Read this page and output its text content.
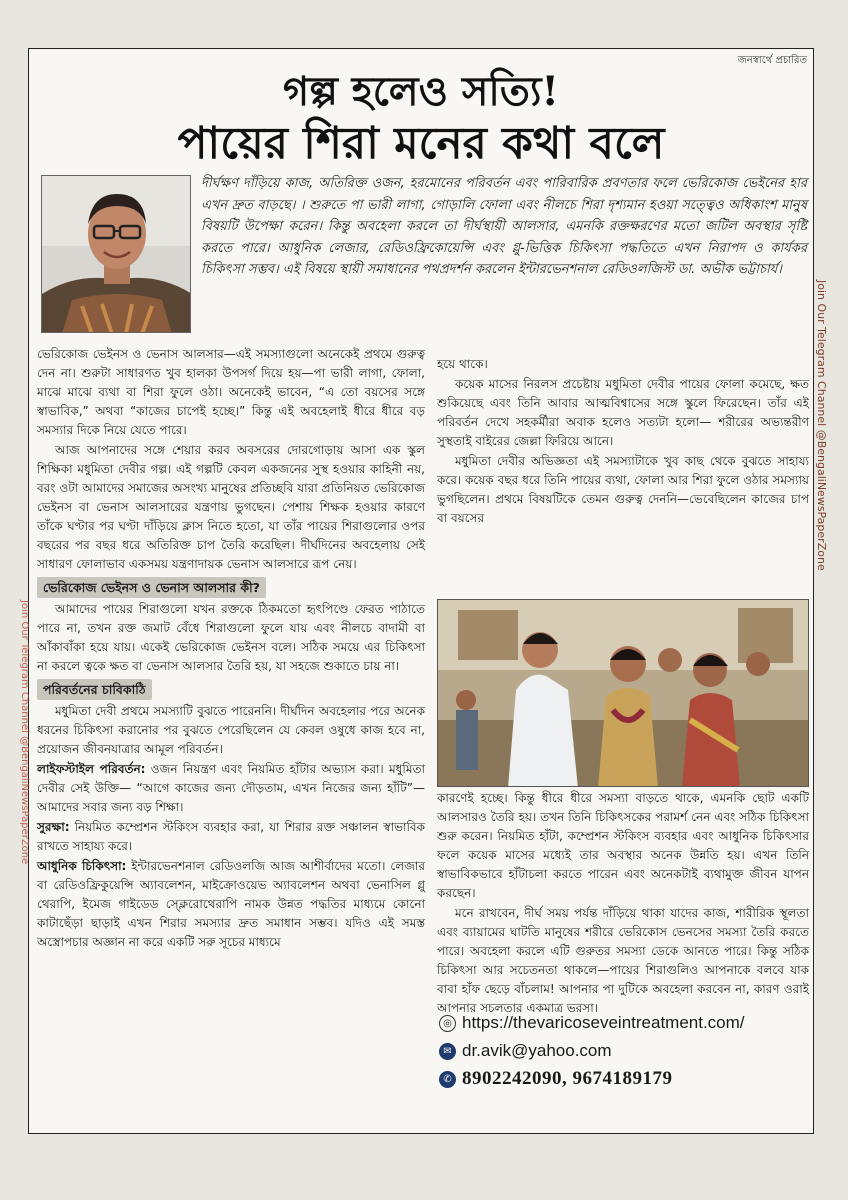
জনস্বার্থে প্রচারিত
গল্প হলেও সত্যি!
পায়ের শিরা মনের কথা বলে
দীর্ঘক্ষণ দাঁড়িয়ে কাজ, অতিরিক্ত ওজন, হরমোনের পরিবর্তন এবং পারিবারিক প্রবণতার ফলে ভেরিকোজ ভেইনের হার এখন দ্রুত বাড়ছে। । শুরুতে পা ভারী লাগা, গোড়ালি ফোলা এবং নীলচে শিরা দৃশ্যমান হওয়া সত্ত্বেও অধিকাংশ মানুষ বিষয়টি উপেক্ষা করেন। কিন্তু অবহেলা করলে তা দীর্ঘস্থায়ী আলসার, এমনকি রক্তক্ষরণের মতো জটিল অবস্থার সৃষ্টি করতে পারে। আধুনিক লেজার, রেডিওফ্রিকোয়েন্সি এবং গ্লু-ভিত্তিক চিকিৎসা পদ্ধতিতে এখন নিরাপদ ও কার্যকর চিকিৎসা সম্ভব। এই বিষয়ে স্থায়ী সমাধানের পথপ্রদর্শন করলেন ইন্টারভেনশনাল রেডিওলজিস্ট ডা. অভীক ভট্টাচার্য।

ভেরিকোজ ভেইনস ও ভেনাস আলসার—এই সমস্যাগুলো অনেকেই প্রথমে গুরুত্ব দেন না। শুরুটা সাধারণত খুব হালকা উপসর্গ দিয়ে হয়—পা ভারী লাগা, ফোলা, মাঝে মাঝে ব্যথা বা শিরা ফুলে ওঠা। অনেকেই ভাবেন, “এ তো বয়সের সঙ্গে স্বাভাবিক,” অথবা “কাজের চাপেই হচ্ছে।” কিন্তু এই অবহেলাই ধীরে ধীরে বড় সমস্যার দিকে নিয়ে যেতে পারে।

আজ আপনাদের সঙ্গে শেয়ার করব অবসরের দোরগোড়ায় আসা এক স্কুল শিক্ষিকা মধুমিতা দেবীর গল্প। এই গল্পটি কেবল একজনের সুস্থ হওয়ার কাহিনী নয়, বরং ওটা আমাদের সমাজের অসংখ্য মানুষের প্রতিচ্ছবি যারা প্রতিনিয়ত ভেরিকোজ ভেইনস বা ভেনাস আলসারের যন্ত্রণায় ভুগছেন। পেশায় শিক্ষক হওয়ার কারণে তাঁকে ঘণ্টার পর ঘণ্টা দাঁড়িয়ে ক্লাস নিতে হতো, যা তাঁর পায়ের শিরাগুলোর ওপর বছরের পর বছর ধরে অতিরিক্ত চাপ তৈরি করেছিল। দীর্ঘদিনের অবহেলায় সেই সাধারণ ফোলাভাব একসময় যন্ত্রণাদায়ক ভেনাস আলসারে রূপ নেয়।

ভেরিকোজ ভেইনস ও ভেনাস আলসার কী?

আমাদের পায়ের শিরাগুলো যখন রক্তকে ঠিকমতো হৃৎপিণ্ডে ফেরত পাঠাতে পারে না, তখন রক্ত জমাট বেঁধে শিরাগুলো ফুলে যায় এবং নীলচে বাদামী বা আঁকাবাঁকা হয়ে যায়। একেই ভেরিকোজ ভেইনস বলে। সঠিক সময়ে এর চিকিৎসা না করলে ত্বকে ক্ষত বা ভেনাস আলসার তৈরি হয়, যা সহজে শুকাতে চায় না।

পরিবর্তনের চাবিকাঠি

মধুমিতা দেবী প্রথমে সমস্যাটি বুঝতে পারেননি। দীর্ঘদিন অবহেলার পরে অনেক ধরনের চিকিৎসা করানোর পর বুঝতে পেরেছিলেন যে কেবল ওষুধে কাজ হবে না, প্রয়োজন জীবনযাত্রার আমূল পরিবর্তন।

লাইফস্টাইল পরিবর্তন: ওজন নিয়ন্ত্রণ এবং নিয়মিত হাঁটার অভ্যাস করা। মধুমিতা দেবীর সেই উক্তি— “আগে কাজের জন্য দৌড়তাম, এখন নিজের জন্য হাঁটি”—আমাদের সবার জন্য বড় শিক্ষা।

সুরক্ষা: নিয়মিত কম্প্রেশন স্টকিংস ব্যবহার করা, যা শিরার রক্ত সঞ্চালন স্বাভাবিক রাখতে সাহায্য করে।

আধুনিক চিকিৎসা: ইন্টারভেনশনাল রেডিওলজি আজ আশীর্বাদের মতো। লেজার বা রেডিওফ্রিকুয়েন্সি অ্যাবলেশন, মাইক্রোওয়েভ অ্যাবলেশন অথবা ভেনাসিল গ্লু থেরাপি, ইমেজ গাইডেড স্ক্লেরোথেরাপি নামক উন্নত পদ্ধতির মাধ্যমে কোনো কাটাছেঁড়া ছাড়াই এখন শিরার সমস্যার দ্রুত সমাধান সম্ভব। যদিও এই সমস্ত অস্ত্রোপচার অজ্ঞান না করে একটি সরু সূচের মাধ্যমে

হয়ে থাকে।

কয়েক মাসের নিরলস প্রচেষ্টায় মধুমিতা দেবীর পায়ের ফোলা কমেছে, ক্ষত শুকিয়েছে এবং তিনি আবার আত্মবিশ্বাসের সঙ্গে স্কুলে ফিরেছেন। তাঁর এই পরিবর্তন দেখে সহকর্মীরা অবাক হলেও সত্যটা হলো— শরীরের অভ্যন্তরীণ সুস্থতাই বাইরের জেল্লা ফিরিয়ে আনে।

মধুমিতা দেবীর অভিজ্ঞতা এই সমস্যাটাকে খুব কাছ থেকে বুঝতে সাহায্য করে। কয়েক বছর ধরে তিনি পায়ের ব্যথা, ফোলা আর শিরা ফুলে ওঠার সমস্যায় ভুগছিলেন। প্রথমে বিষয়টিকে তেমন গুরুত্ব দেননি—ভেবেছিলেন কাজের চাপ বা বয়সের

কারণেই হচ্ছে। কিন্তু ধীরে ধীরে সমস্যা বাড়তে থাকে, এমনকি ছোট একটি আলসারও তৈরি হয়। তখন তিনি চিকিৎসকের পরামর্শ নেন এবং সঠিক চিকিৎসা শুরু করেন। নিয়মিত হাঁটা, কম্প্রেশন স্টকিংস ব্যবহার এবং আধুনিক চিকিৎসার ফলে কয়েক মাসের মধ্যেই তার অবস্থার অনেক উন্নতি হয়। এখন তিনি স্বাভাবিকভাবে হাঁটাচলা করতে পারেন এবং অনেকটাই ব্যথামুক্ত জীবন যাপন করছেন।

মনে রাখবেন, দীর্ঘ সময় পর্যন্ত দাঁড়িয়ে থাকা যাদের কাজ, শারীরিক স্থূলতা এবং ব্যায়ামের ঘাটতি মানুষের শরীরে ভেরিকোস ভেনসের সমস্যা তৈরি করতে পারে। অবহেলা করলে এটি গুরুতর সমস্যা ডেকে আনতে পারে। কিন্তু সঠিক চিকিৎসা আর সচেতনতা থাকলে—পায়ের শিরাগুলিও আপনাকে বলবে যাক বাবা হাঁফ ছেড়ে বাঁচলাম! আপনার পা দুটিকে অবহেলা করবেন না, কারণ ওরাই আপনার সচলতার একমাত্র ভরসা।

◎ https://thevaricoseveintreatment.com/
✉ dr.avik@yahoo.com
✆ 8902242090, 9674189179
Join Our Telegram Channel @BengaliNewsPaperZone
Join Our Telegram Channel @BengaliNewsPaperZone
